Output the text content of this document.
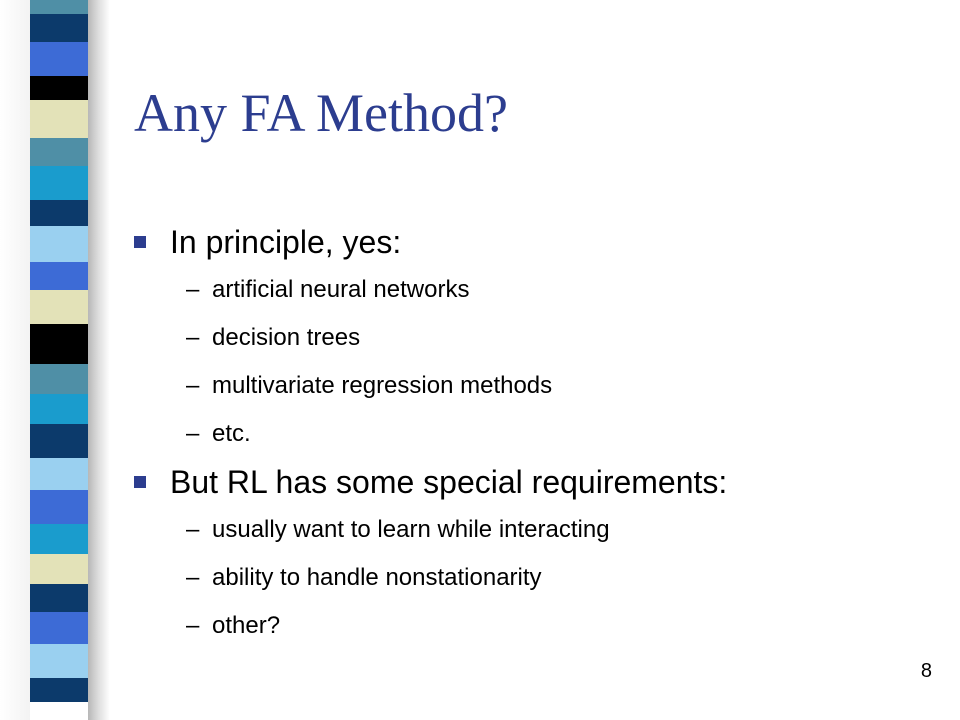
Any FA Method?
In principle, yes:
– artificial neural networks
– decision trees
– multivariate regression methods
– etc.
But RL has some special requirements:
– usually want to learn while interacting
– ability to handle nonstationarity
– other?
8
